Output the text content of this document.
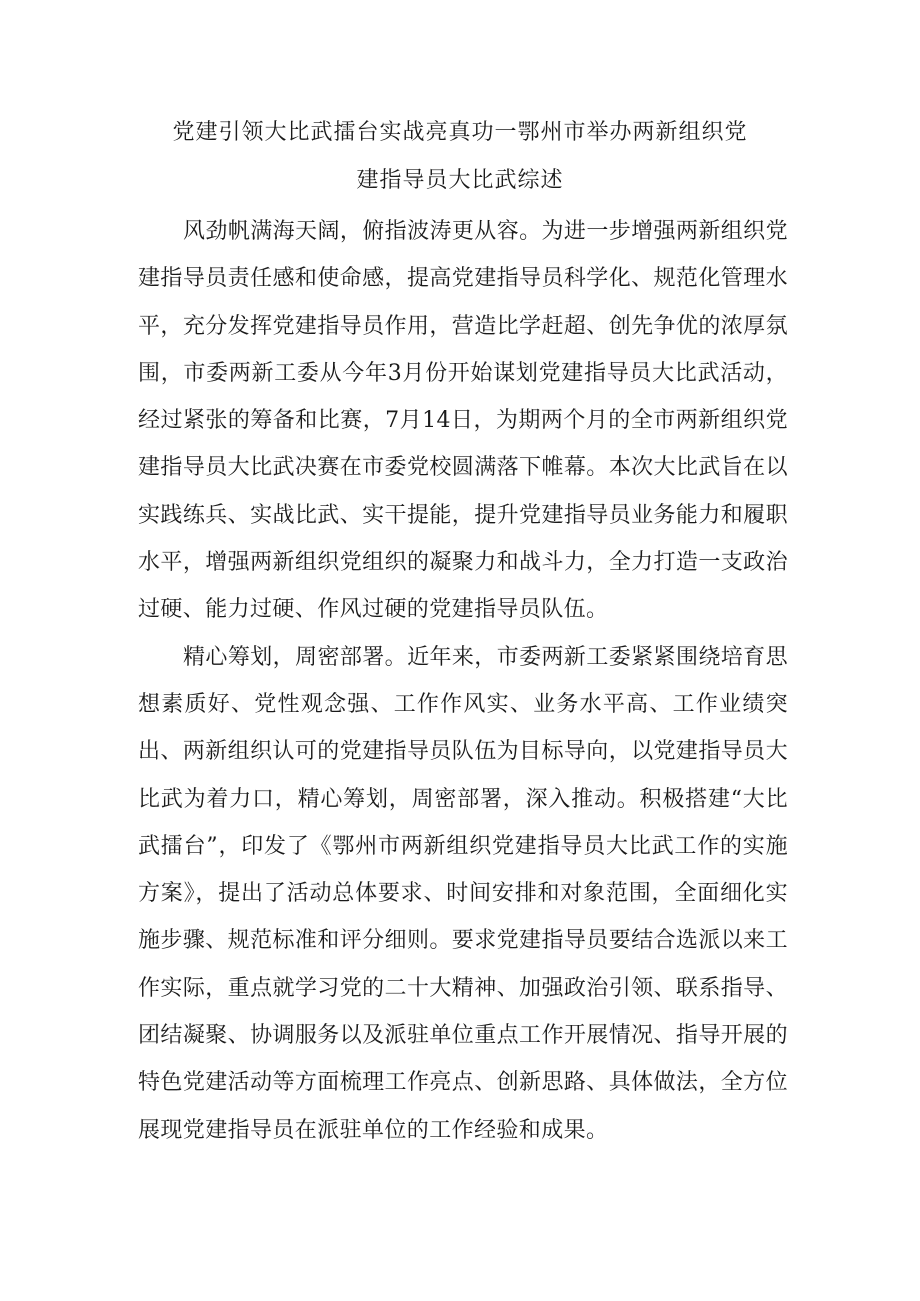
党建引领大比武擂台实战亮真功一鄂州市举办两新组织党
建指导员大比武综述

风劲帆满海天阔，俯指波涛更从容。为进一步增强两新组织党建指导员责任感和使命感，提高党建指导员科学化、规范化管理水平，充分发挥党建指导员作用，营造比学赶超、创先争优的浓厚氛围，市委两新工委从今年3月份开始谋划党建指导员大比武活动，经过紧张的筹备和比赛，7月14日，为期两个月的全市两新组织党建指导员大比武决赛在市委党校圆满落下帷幕。本次大比武旨在以实践练兵、实战比武、实干提能，提升党建指导员业务能力和履职水平，增强两新组织党组织的凝聚力和战斗力，全力打造一支政治过硬、能力过硬、作风过硬的党建指导员队伍。

精心筹划，周密部署。近年来，市委两新工委紧紧围绕培育思想素质好、党性观念强、工作作风实、业务水平高、工作业绩突出、两新组织认可的党建指导员队伍为目标导向，以党建指导员大比武为着力口，精心筹划，周密部署，深入推动。积极搭建“大比武擂台”，印发了《鄂州市两新组织党建指导员大比武工作的实施方案》，提出了活动总体要求、时间安排和对象范围，全面细化实施步骤、规范标准和评分细则。要求党建指导员要结合选派以来工作实际，重点就学习党的二十大精神、加强政治引领、联系指导、团结凝聚、协调服务以及派驻单位重点工作开展情况、指导开展的特色党建活动等方面梳理工作亮点、创新思路、具体做法，全方位展现党建指导员在派驻单位的工作经验和成果。
